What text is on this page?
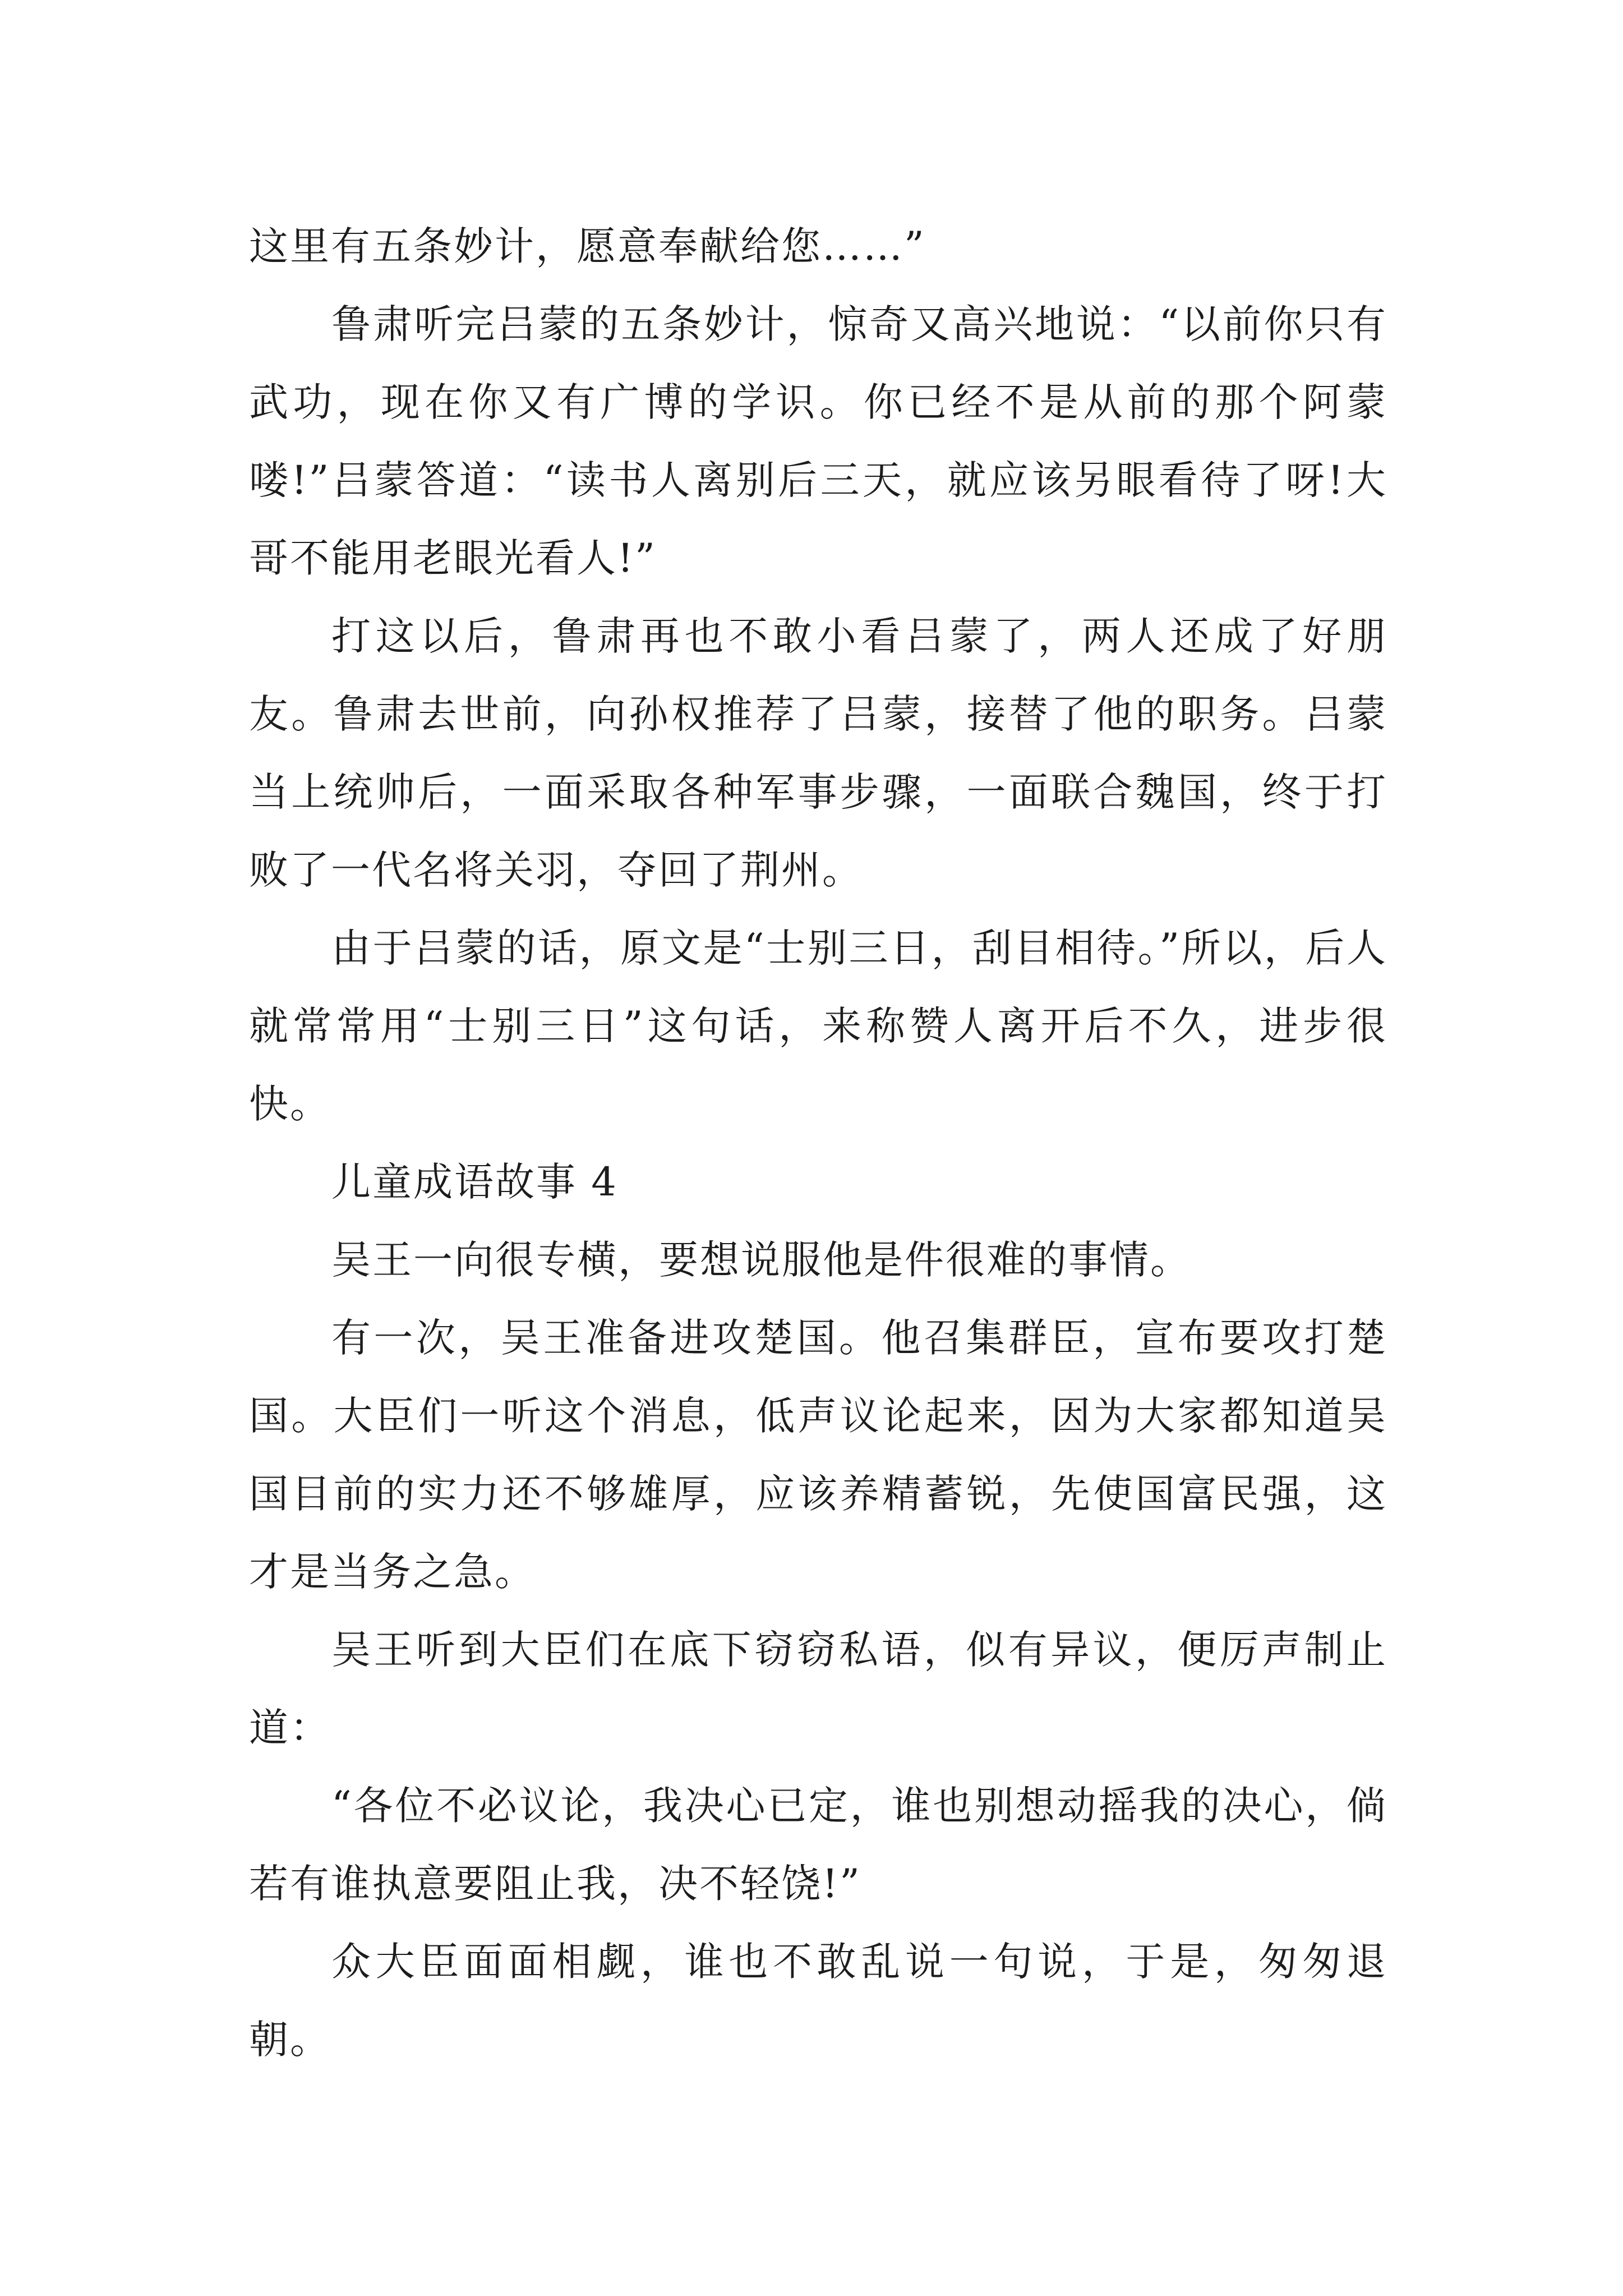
这里有五条妙计，愿意奉献给您……”

鲁肃听完吕蒙的五条妙计，惊奇又高兴地说：“以前你只有武功，现在你又有广博的学识。你已经不是从前的那个阿蒙喽!”吕蒙答道：“读书人离别后三天，就应该另眼看待了呀!大哥不能用老眼光看人!”

打这以后，鲁肃再也不敢小看吕蒙了，两人还成了好朋友。鲁肃去世前，向孙权推荐了吕蒙，接替了他的职务。吕蒙当上统帅后，一面采取各种军事步骤，一面联合魏国，终于打败了一代名将关羽，夺回了荆州。

由于吕蒙的话，原文是“士别三日，刮目相待。”所以，后人就常常用“士别三日”这句话，来称赞人离开后不久，进步很快。

儿童成语故事 4

吴王一向很专横，要想说服他是件很难的事情。

有一次，吴王准备进攻楚国。他召集群臣，宣布要攻打楚国。大臣们一听这个消息，低声议论起来，因为大家都知道吴国目前的实力还不够雄厚，应该养精蓄锐，先使国富民强，这才是当务之急。

吴王听到大臣们在底下窃窃私语，似有异议，便厉声制止道：

“各位不必议论，我决心已定，谁也别想动摇我的决心，倘若有谁执意要阻止我，决不轻饶!”

众大臣面面相觑，谁也不敢乱说一句说，于是，匆匆退朝。
